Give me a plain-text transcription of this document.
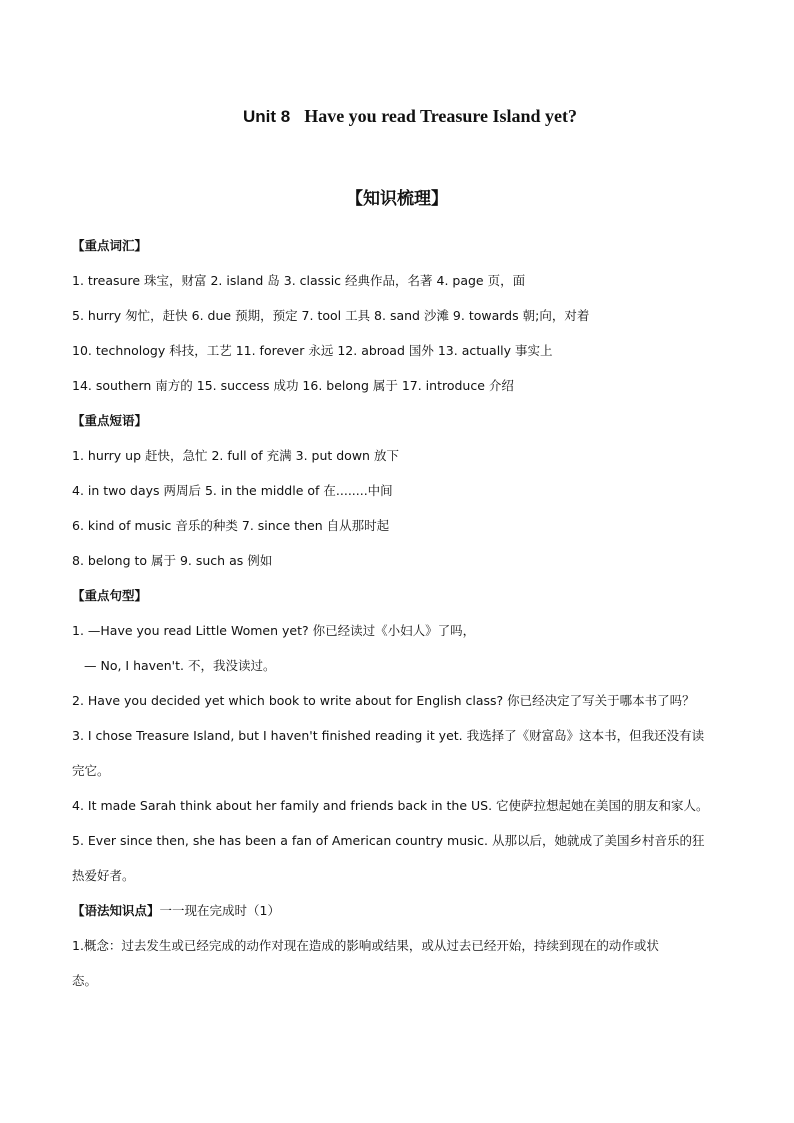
Unit 8 Have you read Treasure Island yet?
【知识梳理】
【重点词汇】
1. treasure 珠宝，财富 2. island 岛 3. classic 经典作品，名著 4. page 页，面
5. hurry 匆忙，赶快 6. due 预期，预定 7. tool 工具 8. sand 沙滩 9. towards 朝;向，对着
10. technology 科技，工艺 11. forever 永远 12. abroad 国外 13. actually 事实上
14. southern 南方的 15. success 成功 16. belong 属于 17. introduce 介绍
【重点短语】
1. hurry up 赶快，急忙 2. full of 充满 3. put down 放下
4. in two days 两周后 5. in the middle of 在........中间
6. kind of music 音乐的种类 7. since then 自从那时起
8. belong to 属于 9. such as 例如
【重点句型】
1. —Have you read Little Women yet? 你已经读过《小妇人》了吗，
— No, I haven't. 不，我没读过。
2. Have you decided yet which book to write about for English class? 你已经决定了写关于哪本书了吗？
3. I chose Treasure Island, but I haven't finished reading it yet. 我选择了《财富岛》这本书，但我还没有读
完它。
4. It made Sarah think about her family and friends back in the US. 它使萨拉想起她在美国的朋友和家人。
5. Ever since then, she has been a fan of American country music. 从那以后，她就成了美国乡村音乐的狂
热爱好者。
【语法知识点】一一现在完成时（1）
1.概念：过去发生或已经完成的动作对现在造成的影响或结果，或从过去已经开始，持续到现在的动作或状
态。
